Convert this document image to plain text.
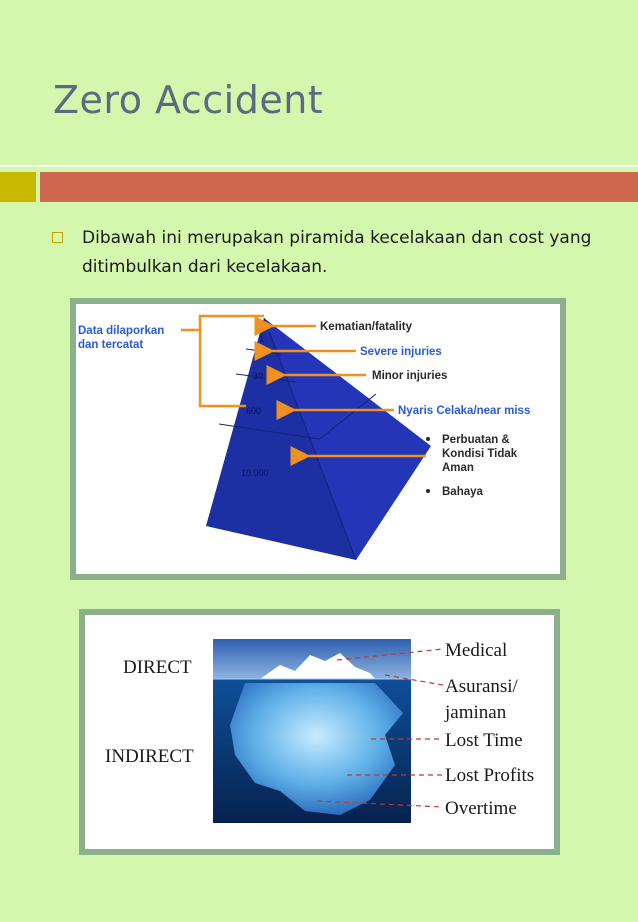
Zero Accident
Dibawah ini merupakan piramida kecelakaan dan cost yang ditimbulkan dari kecelakaan.
1
10
30
600
10.000
Data dilaporkan
dan tercatat
Kematian/fatality
Severe injuries
Minor injuries
Nyaris Celaka/near miss
Perbuatan &
Kondisi Tidak
Aman
Bahaya
DIRECT
INDIRECT
Medical
Asuransi/
jaminan
Lost Time
Lost Profits
Overtime
